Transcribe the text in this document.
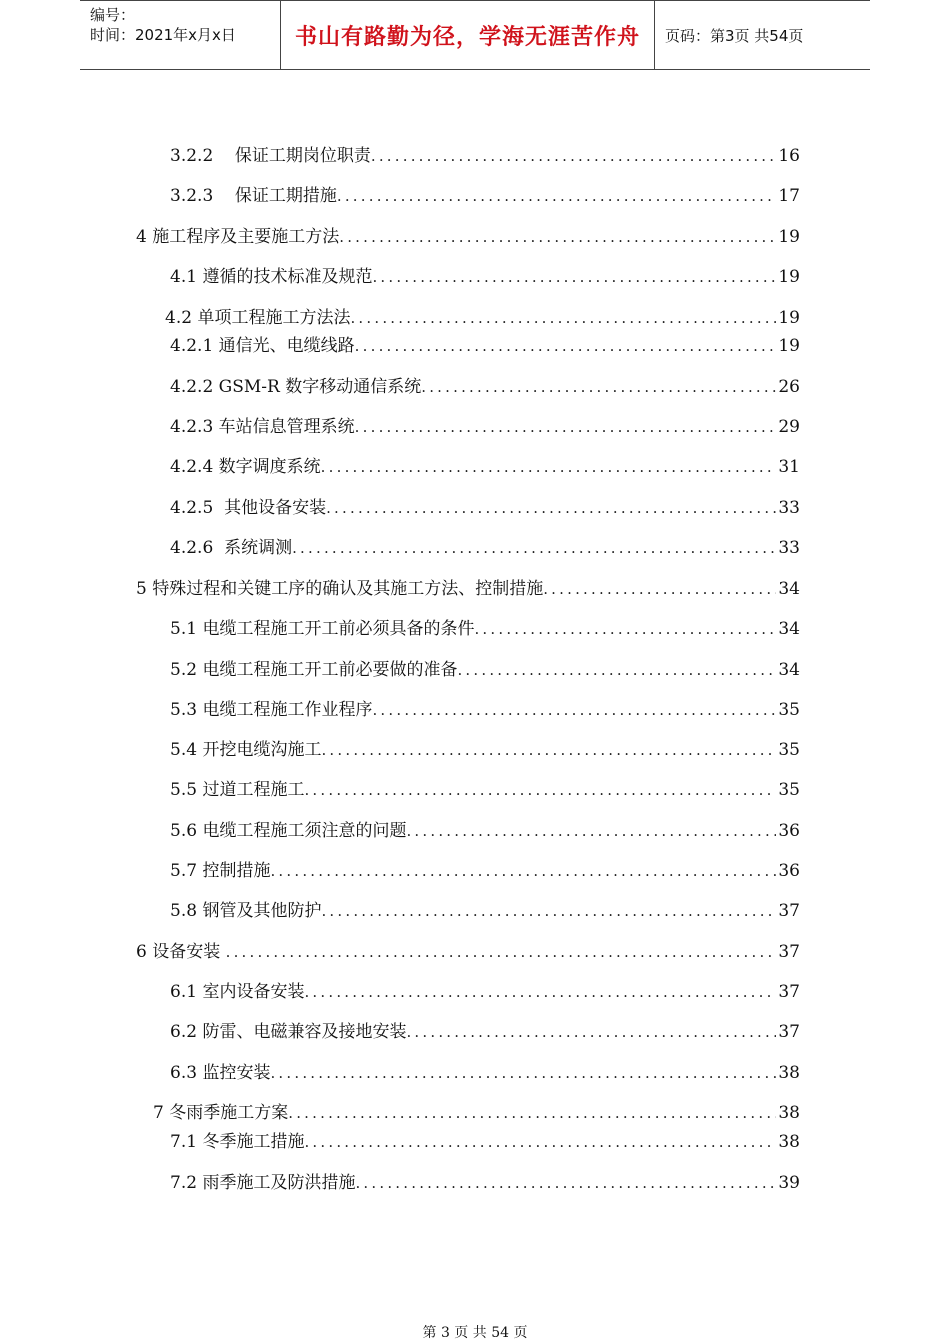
编号：
时间：2021年x月x日	书山有路勤为径，学海无涯苦作舟 页码：第3页 共54页
3.2.2    保证工期岗位职责 .....	16
3.2.3    保证工期措施 .....	17
4 施工程序及主要施工方法 .....	19
4.1 遵循的技术标准及规范 .....	19
4.2 单项工程施工方法法 .....	19
4.2.1 通信光、电缆线路 .....	19
4.2.2 GSM-R 数字移动通信系统 .....	26
4.2.3 车站信息管理系统 .....	29
4.2.4 数字调度系统 .....	31
4.2.5  其他设备安装 .....	33
4.2.6  系统调测 .....	33
5 特殊过程和关键工序的确认及其施工方法、控制措施 .....	34
5.1 电缆工程施工开工前必须具备的条件 .....	34
5.2 电缆工程施工开工前必要做的准备 .....	34
5.3 电缆工程施工作业程序 .....	35
5.4 开挖电缆沟施工 .....	35
5.5 过道工程施工 .....	35
5.6 电缆工程施工须注意的问题 .....	36
5.7 控制措施 .....	36
5.8 钢管及其他防护 .....	37
6 设备安装 .....	37
6.1 室内设备安装 .....	37
6.2 防雷、电磁兼容及接地安装 .....	37
6.3 监控安装 .....	38
7 冬雨季施工方案 .....	38
7.1 冬季施工措施 .....	38
7.2 雨季施工及防洪措施 .....	39
第 3 页 共 54 页
